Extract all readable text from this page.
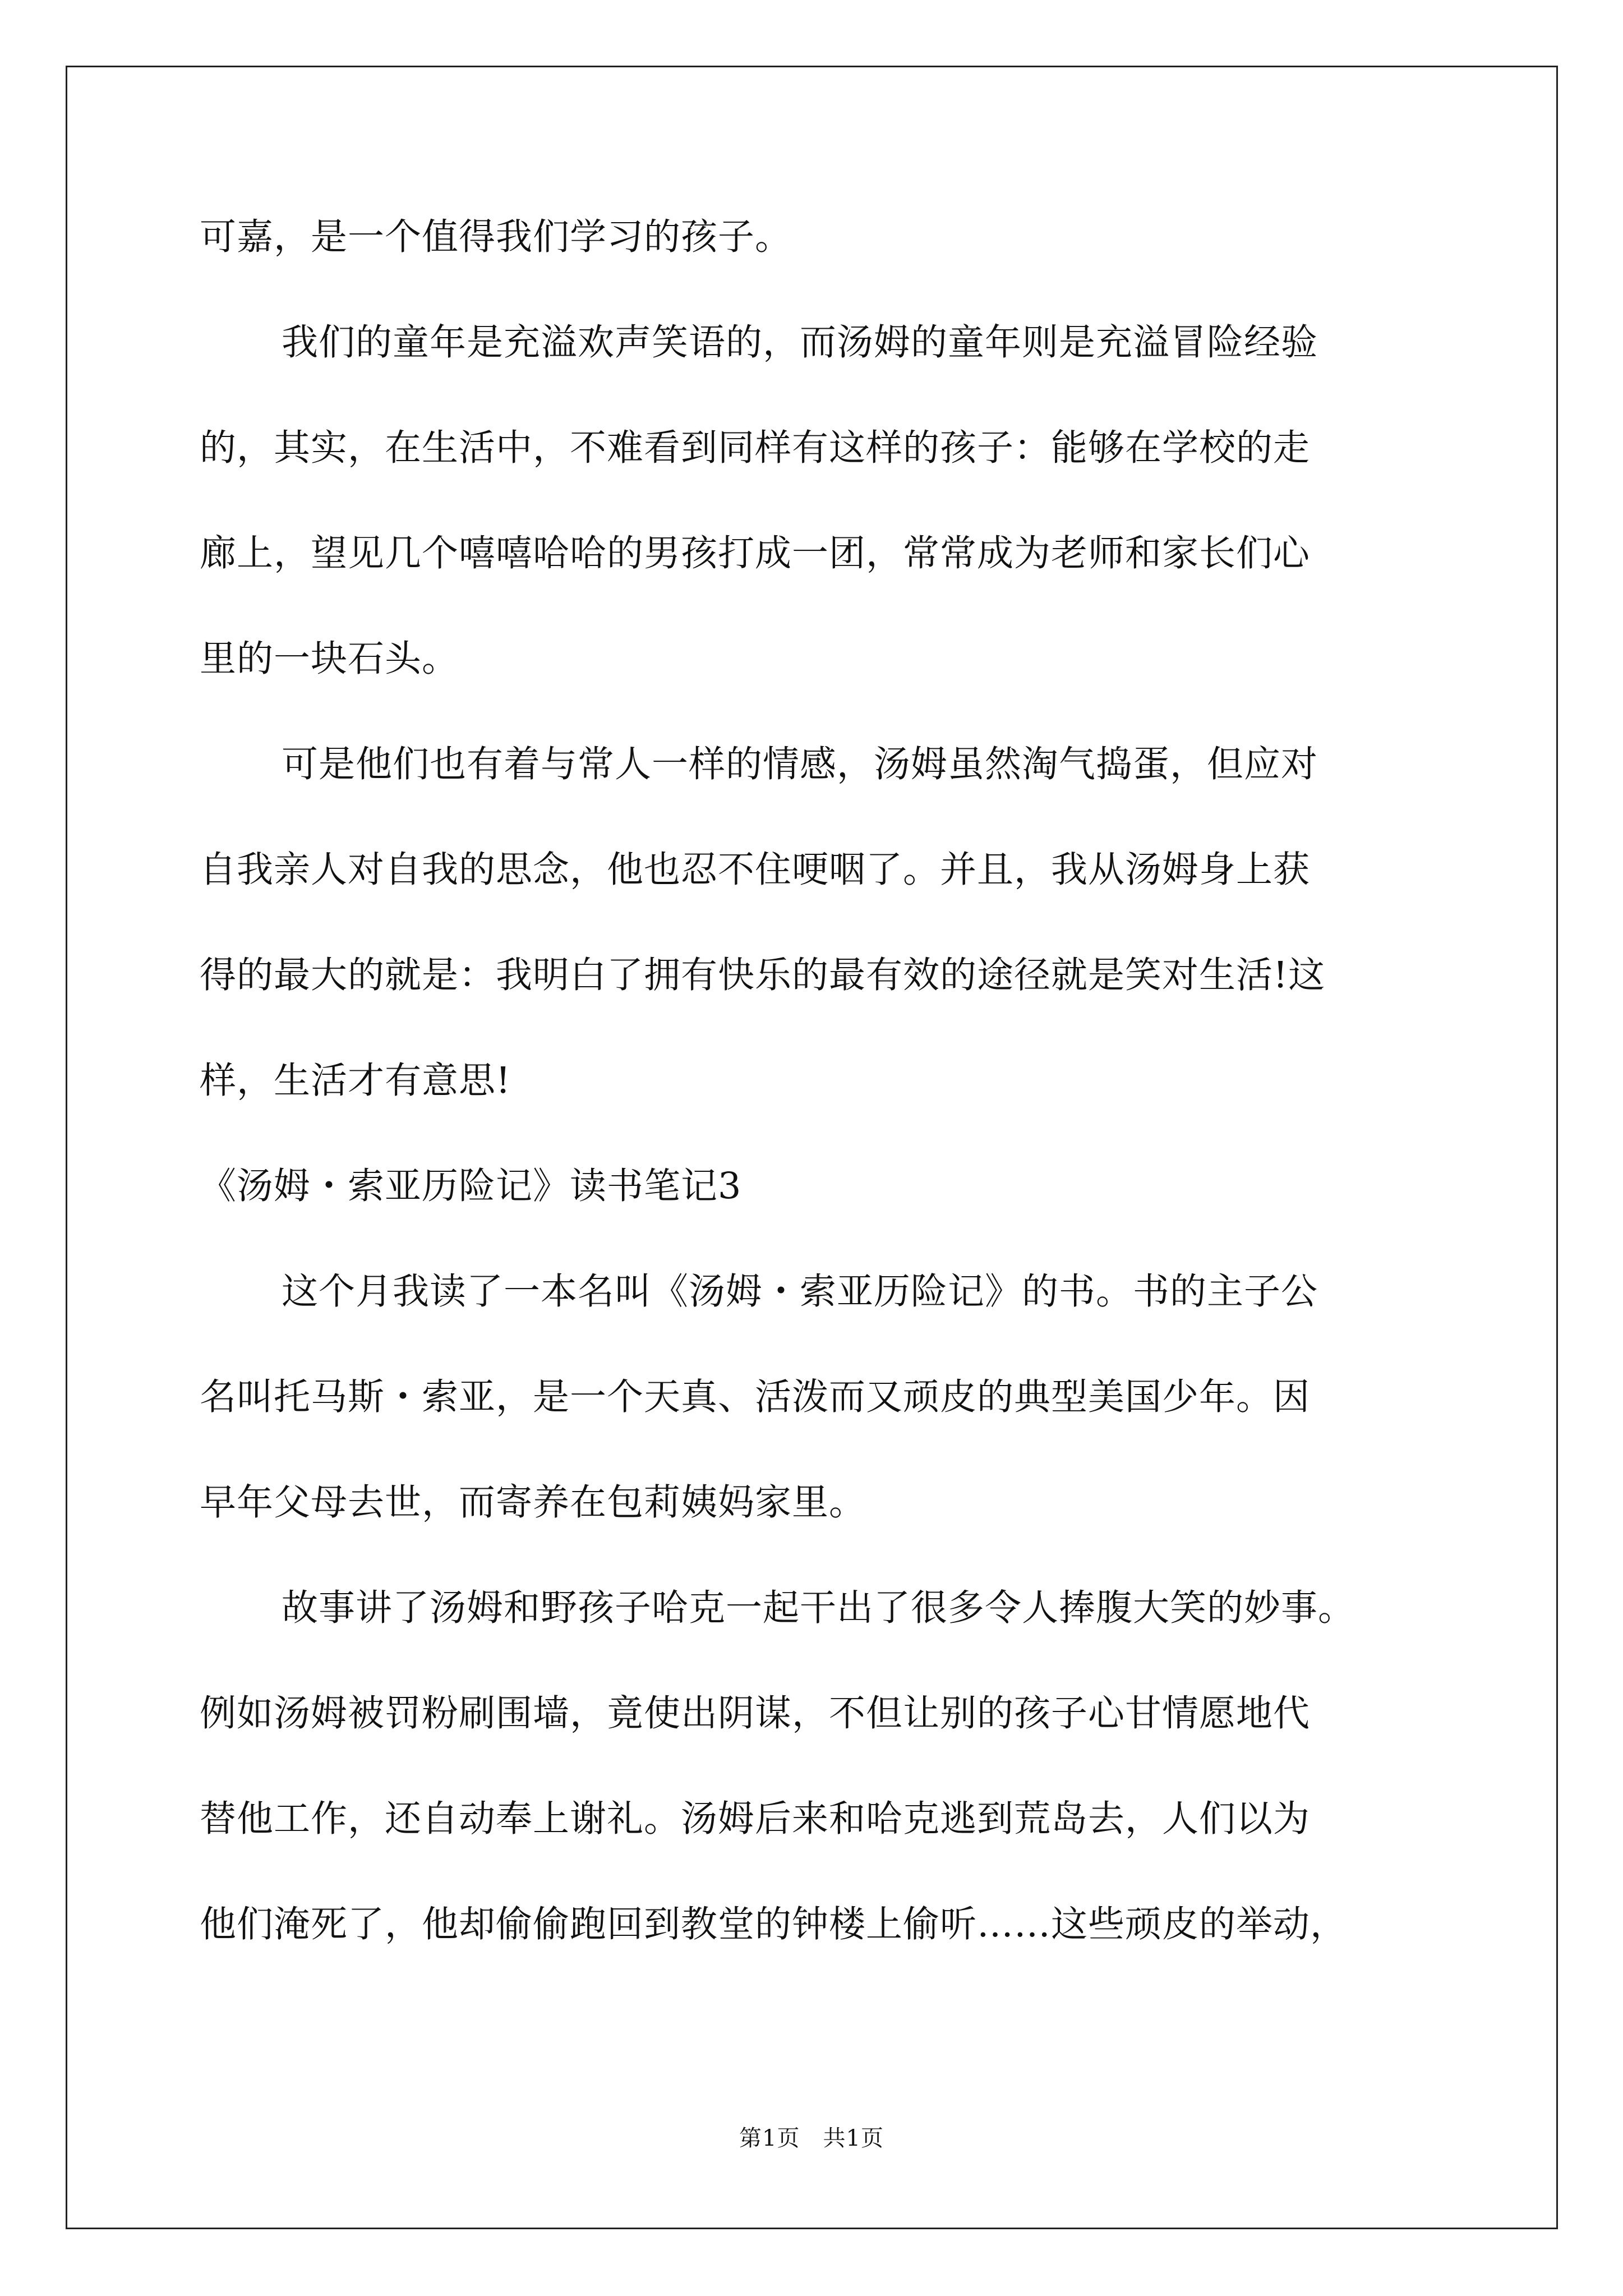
可嘉，是一个值得我们学习的孩子。
我们的童年是充溢欢声笑语的，而汤姆的童年则是充溢冒险经验
的，其实，在生活中，不难看到同样有这样的孩子：能够在学校的走
廊上，望见几个嘻嘻哈哈的男孩打成一团，常常成为老师和家长们心
里的一块石头。
可是他们也有着与常人一样的情感，汤姆虽然淘气捣蛋，但应对
自我亲人对自我的思念，他也忍不住哽咽了。并且，我从汤姆身上获
得的最大的就是：我明白了拥有快乐的最有效的途径就是笑对生活!这
样，生活才有意思!
《汤姆・索亚历险记》读书笔记3
这个月我读了一本名叫《汤姆・索亚历险记》的书。书的主子公
名叫托马斯・索亚，是一个天真、活泼而又顽皮的典型美国少年。因
早年父母去世，而寄养在包莉姨妈家里。
故事讲了汤姆和野孩子哈克一起干出了很多令人捧腹大笑的妙事。
例如汤姆被罚粉刷围墙，竟使出阴谋，不但让别的孩子心甘情愿地代
替他工作，还自动奉上谢礼。汤姆后来和哈克逃到荒岛去，人们以为
他们淹死了，他却偷偷跑回到教堂的钟楼上偷听……这些顽皮的举动，
第1页　共1页
